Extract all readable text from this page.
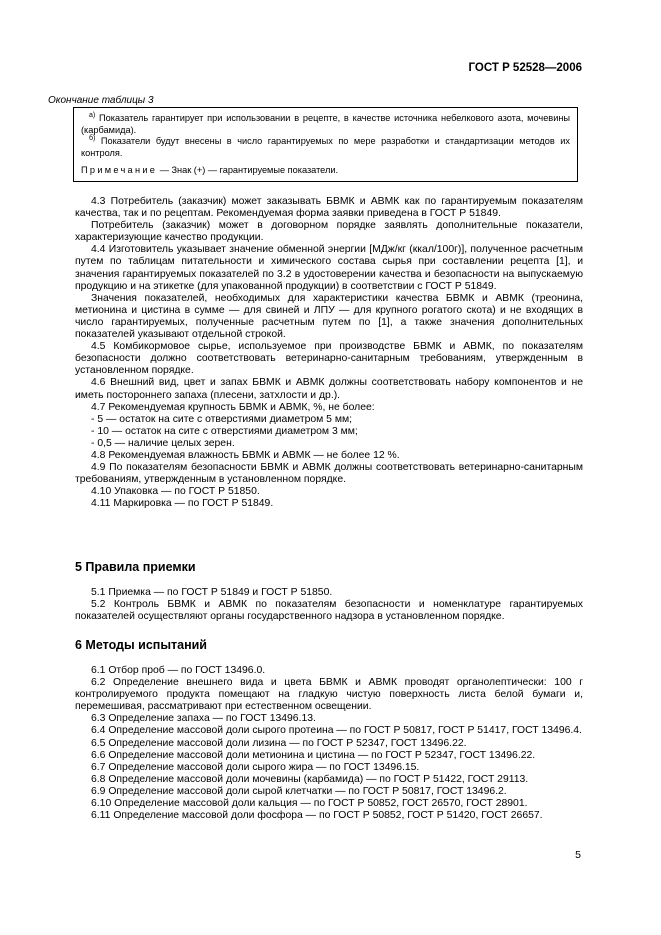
ГОСТ Р 52528—2006
Окончание таблицы 3

$^{а)}$ Показатель гарантирует при использовании в рецепте, в качестве источника небелкового азота, мочевины (карбамида).

$^{б)}$ Показатели будут внесены в число гарантируемых по мере разработки и стандартизации методов их контроля.

Примечание — Знак (+) — гарантируемые показатели.

4.3 Потребитель (заказчик) может заказывать БВМК и АВМК как по гарантируемым показателям качества, так и по рецептам. Рекомендуемая форма заявки приведена в ГОСТ Р 51849.

Потребитель (заказчик) может в договорном порядке заявлять дополнительные показатели, характеризующие качество продукции.

4.4 Изготовитель указывает значение обменной энергии [МДж/кг (ккал/100г)], полученное расчетным путем по таблицам питательности и химического состава сырья при составлении рецепта [1], и значения гарантируемых показателей по 3.2 в удостоверении качества и безопасности на выпускаемую продукцию и на этикетке (для упакованной продукции) в соответствии с ГОСТ Р 51849.

Значения показателей, необходимых для характеристики качества БВМК и АВМК (треонина, метионина и цистина в сумме — для свиней и ЛПУ — для крупного рогатого скота) и не входящих в число гарантируемых, полученные расчетным путем по [1], а также значения дополнительных показателей указывают отдельной строкой.

4.5 Комбикормовое сырье, используемое при производстве БВМК и АВМК, по показателям безопасности должно соответствовать ветеринарно-санитарным требованиям, утвержденным в установленном порядке.

4.6 Внешний вид, цвет и запах БВМК и АВМК должны соответствовать набору компонентов и не иметь постороннего запаха (плесени, затхлости и др.).

4.7 Рекомендуемая крупность БВМК и АВМК, %, не более:

- 5 — остаток на сите с отверстиями диаметром 5 мм;

- 10 — остаток на сите с отверстиями диаметром 3 мм;

- 0,5 — наличие целых зерен.

4.8 Рекомендуемая влажность БВМК и АВМК — не более 12 %.

4.9 По показателям безопасности БВМК и АВМК должны соответствовать ветеринарно-санитарным требованиям, утвержденным в установленном порядке.

4.10 Упаковка — по ГОСТ Р 51850.

4.11 Маркировка — по ГОСТ Р 51849.

5 Правила приемки

5.1 Приемка — по ГОСТ Р 51849 и ГОСТ Р 51850.

5.2 Контроль БВМК и АВМК по показателям безопасности и номенклатуре гарантируемых показателей осуществляют органы государственного надзора в установленном порядке.

6 Методы испытаний

6.1 Отбор проб — по ГОСТ 13496.0.

6.2 Определение внешнего вида и цвета БВМК и АВМК проводят органолептически: 100 г контролируемого продукта помещают на гладкую чистую поверхность листа белой бумаги и, перемешивая, рассматривают при естественном освещении.

6.3 Определение запаха — по ГОСТ 13496.13.

6.4 Определение массовой доли сырого протеина — по ГОСТ Р 50817, ГОСТ Р 51417, ГОСТ 13496.4.

6.5 Определение массовой доли лизина — по ГОСТ Р 52347, ГОСТ 13496.22.

6.6 Определение массовой доли метионина и цистина — по ГОСТ Р 52347, ГОСТ 13496.22.

6.7 Определение массовой доли сырого жира — по ГОСТ 13496.15.

6.8 Определение массовой доли мочевины (карбамида) — по ГОСТ Р 51422, ГОСТ 29113.

6.9 Определение массовой доли сырой клетчатки — по ГОСТ Р 50817, ГОСТ 13496.2.

6.10 Определение массовой доли кальция — по ГОСТ Р 50852, ГОСТ 26570, ГОСТ 28901.

6.11 Определение массовой доли фосфора — по ГОСТ Р 50852, ГОСТ Р 51420, ГОСТ 26657.

5
